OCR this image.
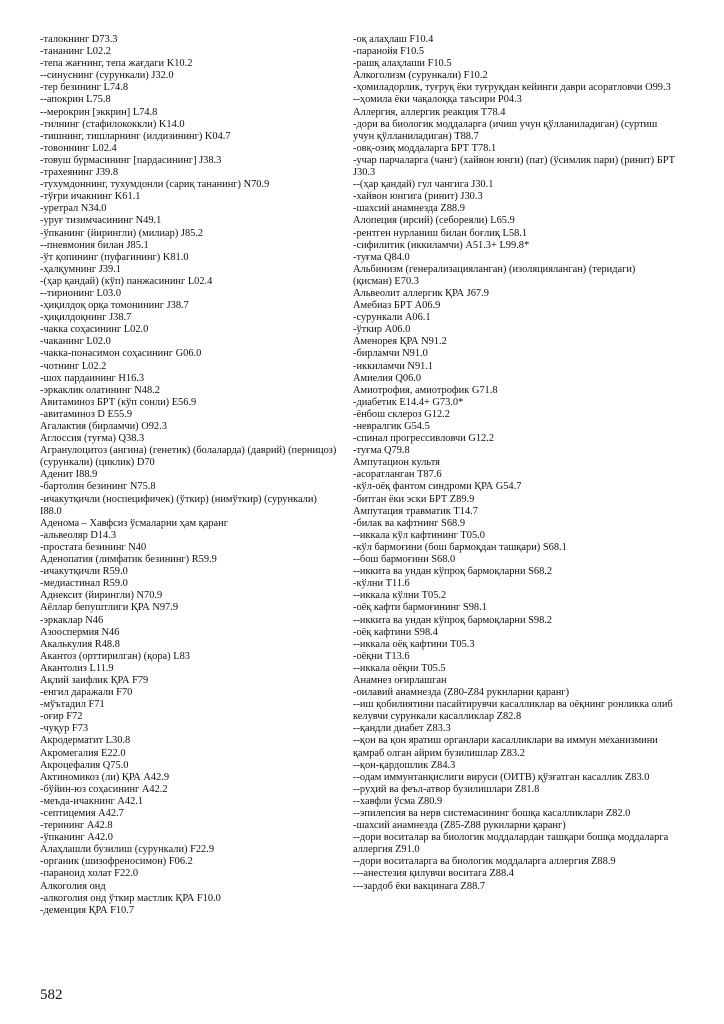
-талокнинг D73.3
-тананинг L02.2
-тепа жағнинг, тепа жағдаги K10.2
--синуснинг (сурункали) J32.0
-тер безининг L74.8
--апокрин L75.8
--мерокрин [эккрин] L74.8
-тилнинг (стафилококкли) K14.0
-тишнинг, тишларнинг (илдизининг) K04.7
-товоннинг L02.4
-товуш бурмасининг [пардасининг] J38.3
-трахеянинг J39.8
-тухумдоннинг, тухумдонли (сариқ тананинг) N70.9
-тўғри ичакнинг K61.1
-уретрал N34.0
-уруғ тизимчасининг N49.1
-ўпканинг (йирингли) (милиар) J85.2
--пневмония билан J85.1
-ўт қопининг (пуфагининг) K81.0
-ҳалқумнинг J39.1
-(ҳар қандай) (кўп) панжасининг L02.4
--тирнонинг L03.0
-ҳиқилдоқ орқа томонининг J38.7
-ҳиқилдоқнинг J38.7
-чакка соҳасининг L02.0
-чаканинг L02.0
-чакка-понасимон соҳасининг G06.0
-чотнинг L02.2
-шох пардаининг H16.3
-эркаклик олатининг N48.2
Авитаминоз БРТ (кўп сонли) E56.9
-авитаминоз D E55.9
Агалактия (бирламчи) O92.3
Аглоссия (туғма) Q38.3
Агранулоцитоз (ангина) (генетик) (болаларда) (даврий) (перницоз) (сурункали) (циклик) D70
Аденит I88.9
-бартолин безининг N75.8
-ичакутқичли (носпецифичек) (ўткир) (нимўткир) (сурункали) I88.0
Аденома – Хавфсиз ўсмаларни ҳам қаранг
-альвеоляр D14.3
-простата безининг N40
Аденопатия (лимфатик безининг) R59.9
-ичакутқичли R59.0
-медиастинал R59.0
Аднексит (йирингли) N70.9
Аёллар бепуштлиги ҚРА N97.9
-эркаклар N46
Азооспермия N46
Акалькулия R48.8
Акантоз (орттирилган) (қора) L83
Акантолиз L11.9
Ақлий заифлик ҚРА F79
-енгил даражали F70
-мўътадил F71
-оғир F72
-чуқур F73
Акродерматит L30.8
Акромегалия E22.0
Акроцефалия Q75.0
Актиномикоз (ли) ҚРА A42.9
-бўйин-юз соҳасининг A42.2
-меъда-ичакнинг A42.1
-септицемия A42.7
-терининг A42.8
-ўпканинг A42.0
Алаҳлашли бузилиш (сурункали) F22.9
-органик (шизофреносимон) F06.2
-параноид холат F22.0
Алкоголия онд
-алкоголия онд ўткир мастлик ҚРА F10.0
-деменция ҚРА F10.7
-оқ алаҳлаш F10.4
-паранойя F10.5
-рашқ алаҳлаши F10.5
Алкоголизм (сурункали) F10.2
-ҳомиладорлик, туғруқ ёки туғруқдан кейинги даври асоратловчи O99.3
--ҳомила ёки чақалоққа таъсири P04.3
Аллергия, аллергик реакция T78.4
-дори ва биологик моддаларга (ичиш учун қўлланиладиган) (суртиш учун қўлланиладиган) T88.7
-овқ-озиқ моддаларга БРТ T78.1
-учар парчаларга (чанг) (хайвон юнги) (пат) (ўсимлик пари) (ринит) БРТ J30.3
--(ҳар қандай) гул чангига J30.1
-хайвон юнгига (ринит) J30.3
-шахсий анамнезда Z88.9
Алопеция (ирсий) (себореяли) L65.9
-рентген нурланиш билан боғлиқ L58.1
-сифилитик (иккиламчи) A51.3+ L99.8*
-туғма Q84.0
Альбинизм (генерализацияланган) (изоляцияланган) (теридаги) (қисман) E70.3
Альвеолит аллергик ҚРА J67.9
Амебиаз БРТ A06.9
-сурункали A06.1
-ўткир A06.0
Аменорея ҚРА N91.2
-бирламчи N91.0
-иккиламчи N91.1
Амиелия Q06.0
Амиотрофия, амиотрофик G71.8
-диабетик E14.4+ G73.0*
-ёнбош склероз G12.2
-невралгик G54.5
-спинал прогрессивловчи G12.2
-туғма Q79.8
Ампутацион культя
-асоратланган T87.6
-кўл-оёқ фантом синдроми ҚРА G54.7
-битган ёки эски БРТ Z89.9
Ампутация травматик T14.7
-билак ва кафтнинг S68.9
--иккала кўл кафтининг T05.0
-кўл бармоғини (бош бармоқдан ташқари) S68.1
--бош бармоғини S68.0
--иккита ва ундан кўпроқ бармоқларни S68.2
-кўлни T11.6
--иккала кўлни T05.2
-оёқ кафти бармоғининг S98.1
--иккита ва ундан кўпроқ бармоқларни S98.2
-оёқ кафтини S98.4
--иккала оёқ кафтини T05.3
-оёқни T13.6
--иккала оёқни T05.5
Анамнез оғирлашган
-оилавий анамнезда (Z80-Z84 рукнларни қаранг)
--иш қобилиятини пасайтирувчи касалликлар ва оёқнинг ронликка олиб келувчи сурункали касалликлар Z82.8
--қандли диабет Z83.3
--қон ва қон яратиш органлари касалликлари ва иммун механизмини қамраб олган айрим бузилишлар Z83.2
--қон-қардошлик Z84.3
--одам иммунтанқислиги вируси (ОИТВ) қўзғатган касаллик Z83.0
--руҳий ва феъл-атвор бузилишлари Z81.8
--хавфли ўсма Z80.9
--эпилепсия ва нерв системасининг бошқа касалликлари Z82.0
-шахсий анамнезда (Z85-Z88 рукнларни қаранг)
--дори воситалар ва биологик моддалардан ташқари бошқа моддаларга аллергия Z91.0
--дори воситаларга ва биологик моддаларга аллергия Z88.9
---анестезия қилувчи воситага Z88.4
---зардоб ёки вакцинага Z88.7
582
